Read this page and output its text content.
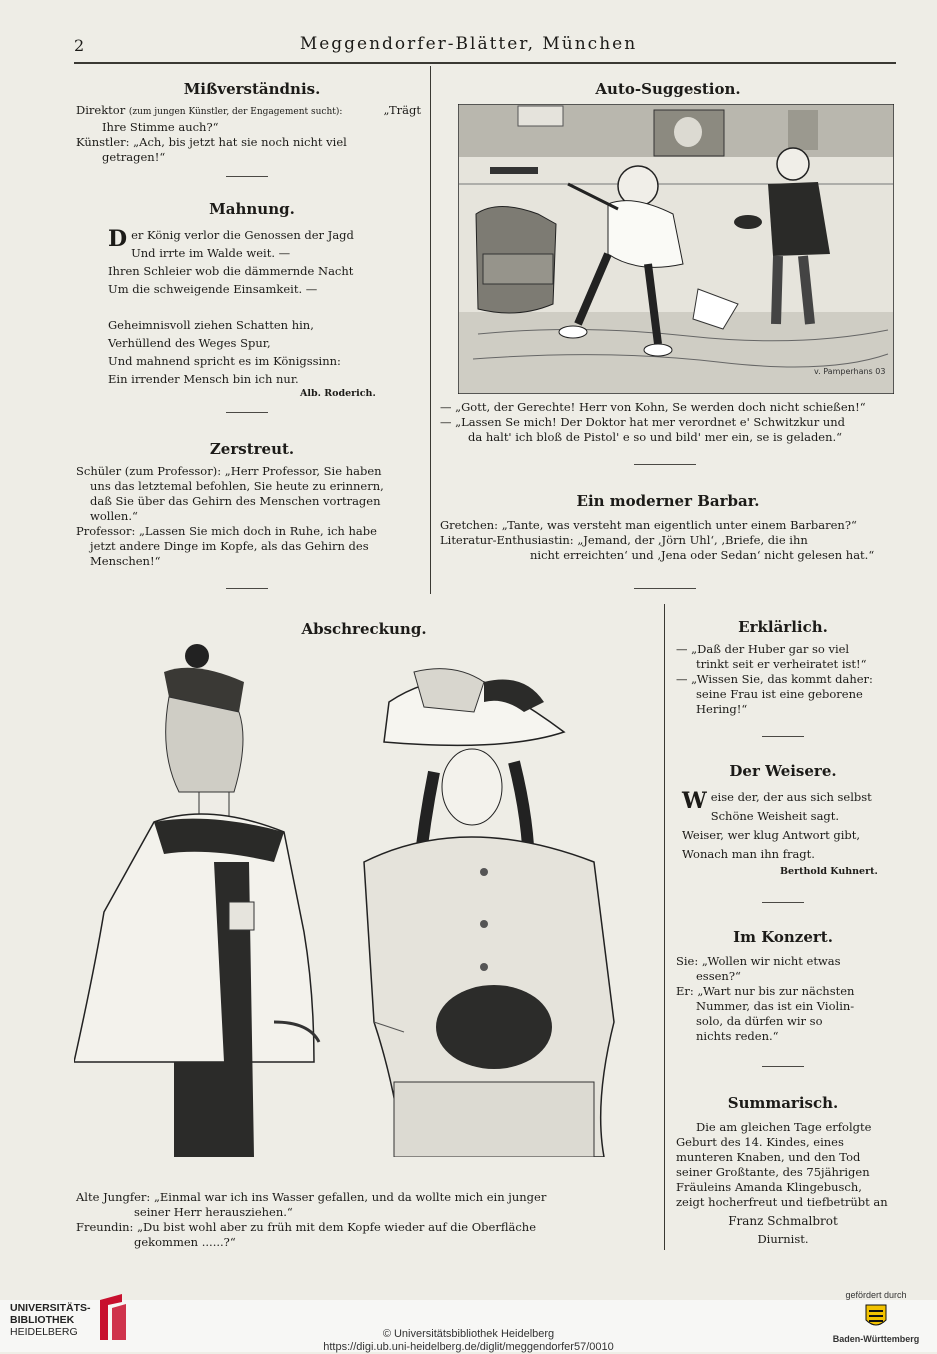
2	Meggendorfer-Blätter, München
Mißverständnis.

Direktor (zum jungen Künstler, der Engagement sucht):	„Trägt

Ihre Stimme auch?“

Künstler: „Ach, bis jetzt hat sie noch nicht viel

getragen!“

Mahnung.
D er König verlor die Genossen der Jagd

Und irrte im Walde weit. —

Ihren Schleier wob die dämmernde Nacht

Um die schweigende Einsamkeit. —

Geheimnisvoll ziehen Schatten hin,

Verhüllend des Weges Spur,

Und mahnend spricht es im Königssinn:

Ein irrender Mensch bin ich nur.

Alb. Roderich.
Zerstreut.

Schüler (zum Professor): „Herr Professor, Sie haben

uns das letztemal befohlen, Sie heute zu erinnern,

daß Sie über das Gehirn des Menschen vortragen

wollen.“

Professor: „Lassen Sie mich doch in Ruhe, ich habe

jetzt andere Dinge im Kopfe, als das Gehirn des

Menschen!“

Auto-Suggestion.
v. Pamperhans 03

— „Gott, der Gerechte! Herr von Kohn, Se werden doch nicht schießen!“

— „Lassen Se mich! Der Doktor hat mer verordnet e' Schwitzkur und

da halt' ich bloß de Pistol' e so und bild' mer ein, se is geladen.“

Ein moderner Barbar.

Gretchen: „Tante, was versteht man eigentlich unter einem Barbaren?“

Literatur-Enthusiastin: „Jemand, der ‚Jörn Uhl‘, ‚Briefe, die ihn

nicht erreichten‘ und ‚Jena oder Sedan‘ nicht gelesen hat.“

Abschreckung.

Alte Jungfer: „Einmal war ich ins Wasser gefallen, und da wollte mich ein junger

seiner Herr herausziehen.“

Freundin: „Du bist wohl aber zu früh mit dem Kopfe wieder auf die Oberfläche

gekommen ......?“

Erklärlich.

— „Daß der Huber gar so viel

trinkt seit er verheiratet ist!“

— „Wissen Sie, das kommt daher:

seine Frau ist eine geborene

Hering!“

Der Weisere.
W eise der, der aus sich selbst

Schöne Weisheit sagt.

Weiser, wer klug Antwort gibt,

Wonach man ihn fragt.

Berthold Kuhnert.
Im Konzert.

Sie: „Wollen wir nicht etwas

essen?“

Er: „Wart nur bis zur nächsten

Nummer, das ist ein Violin-

solo, da dürfen wir so

nichts reden.“

Summarisch.

Die am gleichen Tage erfolgte

Geburt des 14. Kindes, eines

munteren Knaben, und den Tod

seiner Großtante, des 75jährigen

Fräuleins Amanda Klingebusch,

zeigt hocherfreut und tiefbetrübt an

Franz Schmalbrot
Diurnist.
UNIVERSITÄTS-
BIBLIOTHEK
HEIDELBERG	© Universitätsbibliothek Heidelberg
https://digi.ub.uni-heidelberg.de/diglit/meggendorfer57/0010
gefördert durch
Baden-Württemberg
